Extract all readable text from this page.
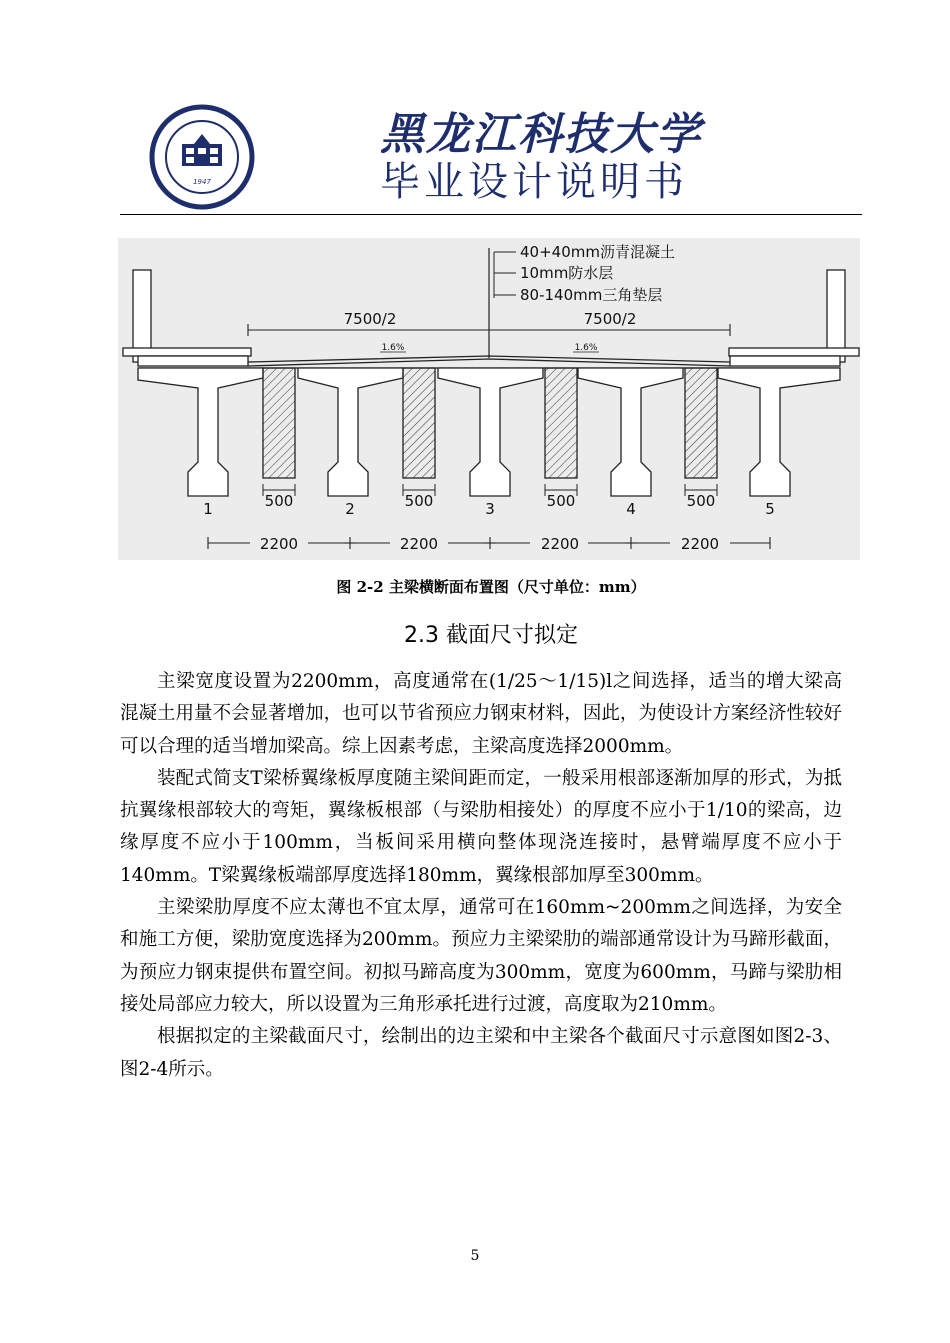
1947
黑龙江科技大学
毕业设计说明书
40+40mm沥青混凝土
10mm防水层
80-140mm三角垫层
7500/2	7500/2
1.6%	1.6%
500	500	500	500
1	2	3	4	5
2200	2200	2200	2200
图 2-2 主梁横断面布置图（尺寸单位：mm）
2.3 截面尺寸拟定

主梁宽度设置为2200mm，高度通常在(1/25～1/15)l之间选择，适当的增大梁高混凝土用量不会显著增加，也可以节省预应力钢束材料，因此，为使设计方案经济性较好可以合理的适当增加梁高。综上因素考虑，主梁高度选择2000mm。

装配式简支T梁桥翼缘板厚度随主梁间距而定，一般采用根部逐渐加厚的形式，为抵抗翼缘根部较大的弯矩，翼缘板根部（与梁肋相接处）的厚度不应小于1/10的梁高，边缘厚度不应小于100mm，当板间采用横向整体现浇连接时，悬臂端厚度不应小于140mm。T梁翼缘板端部厚度选择180mm，翼缘根部加厚至300mm。

主梁梁肋厚度不应太薄也不宜太厚，通常可在160mm~200mm之间选择，为安全和施工方便，梁肋宽度选择为200mm。预应力主梁梁肋的端部通常设计为马蹄形截面，为预应力钢束提供布置空间。初拟马蹄高度为300mm，宽度为600mm，马蹄与梁肋相接处局部应力较大，所以设置为三角形承托进行过渡，高度取为210mm。

根据拟定的主梁截面尺寸，绘制出的边主梁和中主梁各个截面尺寸示意图如图2-3、图2-4所示。

5
